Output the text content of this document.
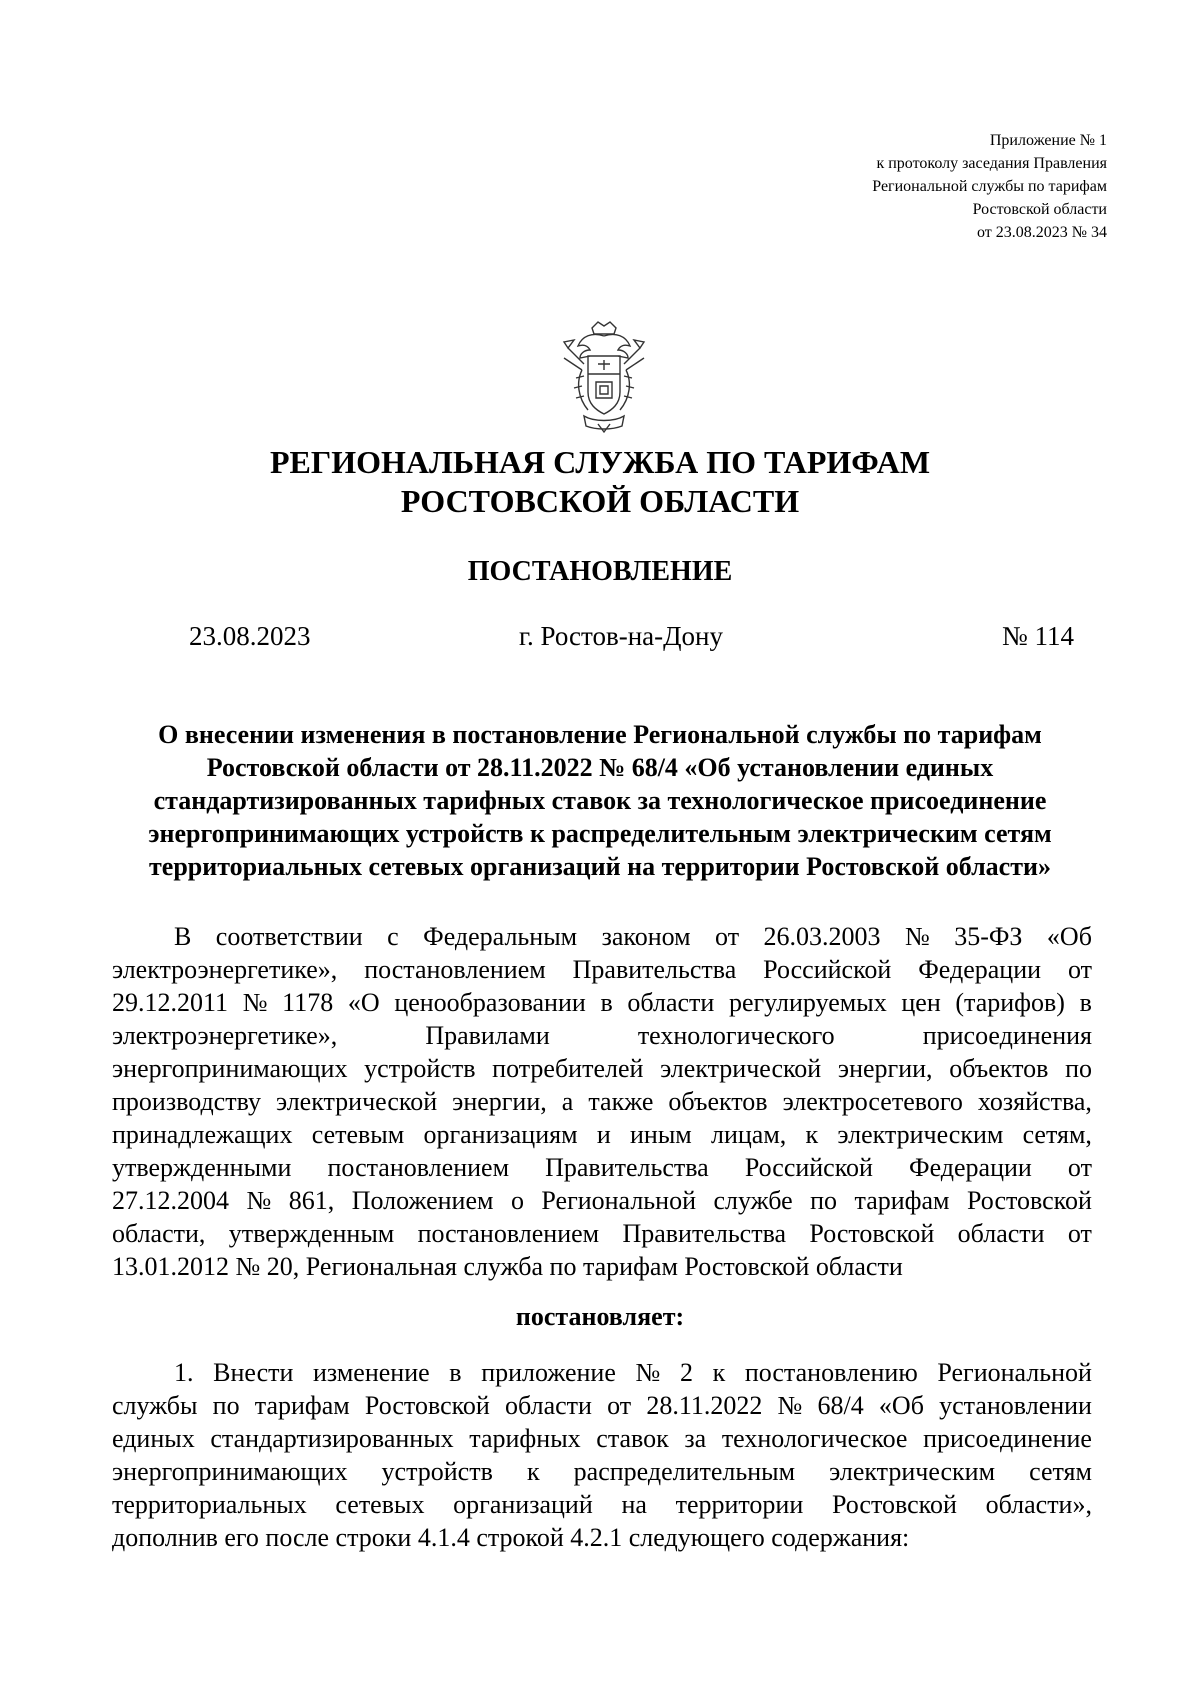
Приложение № 1
к протоколу заседания Правления
Региональной службы по тарифам
Ростовской области
от 23.08.2023 № 34
РЕГИОНАЛЬНАЯ СЛУЖБА ПО ТАРИФАМ
РОСТОВСКОЙ ОБЛАСТИ
ПОСТАНОВЛЕНИЕ
23.08.2023	г. Ростов-на-Дону	№ 114
О внесении изменения в постановление Региональной службы по тарифам
Ростовской области от 28.11.2022 № 68/4 «Об установлении единых
стандартизированных тарифных ставок за технологическое присоединение
энергопринимающих устройств к распределительным электрическим сетям
территориальных сетевых организаций на территории Ростовской области»
В соответствии с Федеральным законом от 26.03.2003 № 35-ФЗ «Об
электроэнергетике», постановлением Правительства Российской Федерации от
29.12.2011 № 1178 «О ценообразовании в области регулируемых цен (тарифов) в
электроэнергетике»,	Правилами	технологического	присоединения
энергопринимающих устройств потребителей электрической энергии, объектов по
производству электрической энергии, а также объектов электросетевого хозяйства,
принадлежащих сетевым организациям и иным лицам, к электрическим сетям,
утвержденными постановлением Правительства Российской Федерации от
27.12.2004 № 861, Положением о Региональной службе по тарифам Ростовской
области, утвержденным постановлением Правительства Ростовской области от
13.01.2012 № 20, Региональная служба по тарифам Ростовской области
постановляет:
1. Внести изменение в приложение № 2 к постановлению Региональной
службы по тарифам Ростовской области от 28.11.2022 № 68/4 «Об установлении
единых стандартизированных тарифных ставок за технологическое присоединение
энергопринимающих устройств к распределительным электрическим сетям
территориальных сетевых организаций на территории Ростовской области»,
дополнив его после строки 4.1.4 строкой 4.2.1 следующего содержания:
